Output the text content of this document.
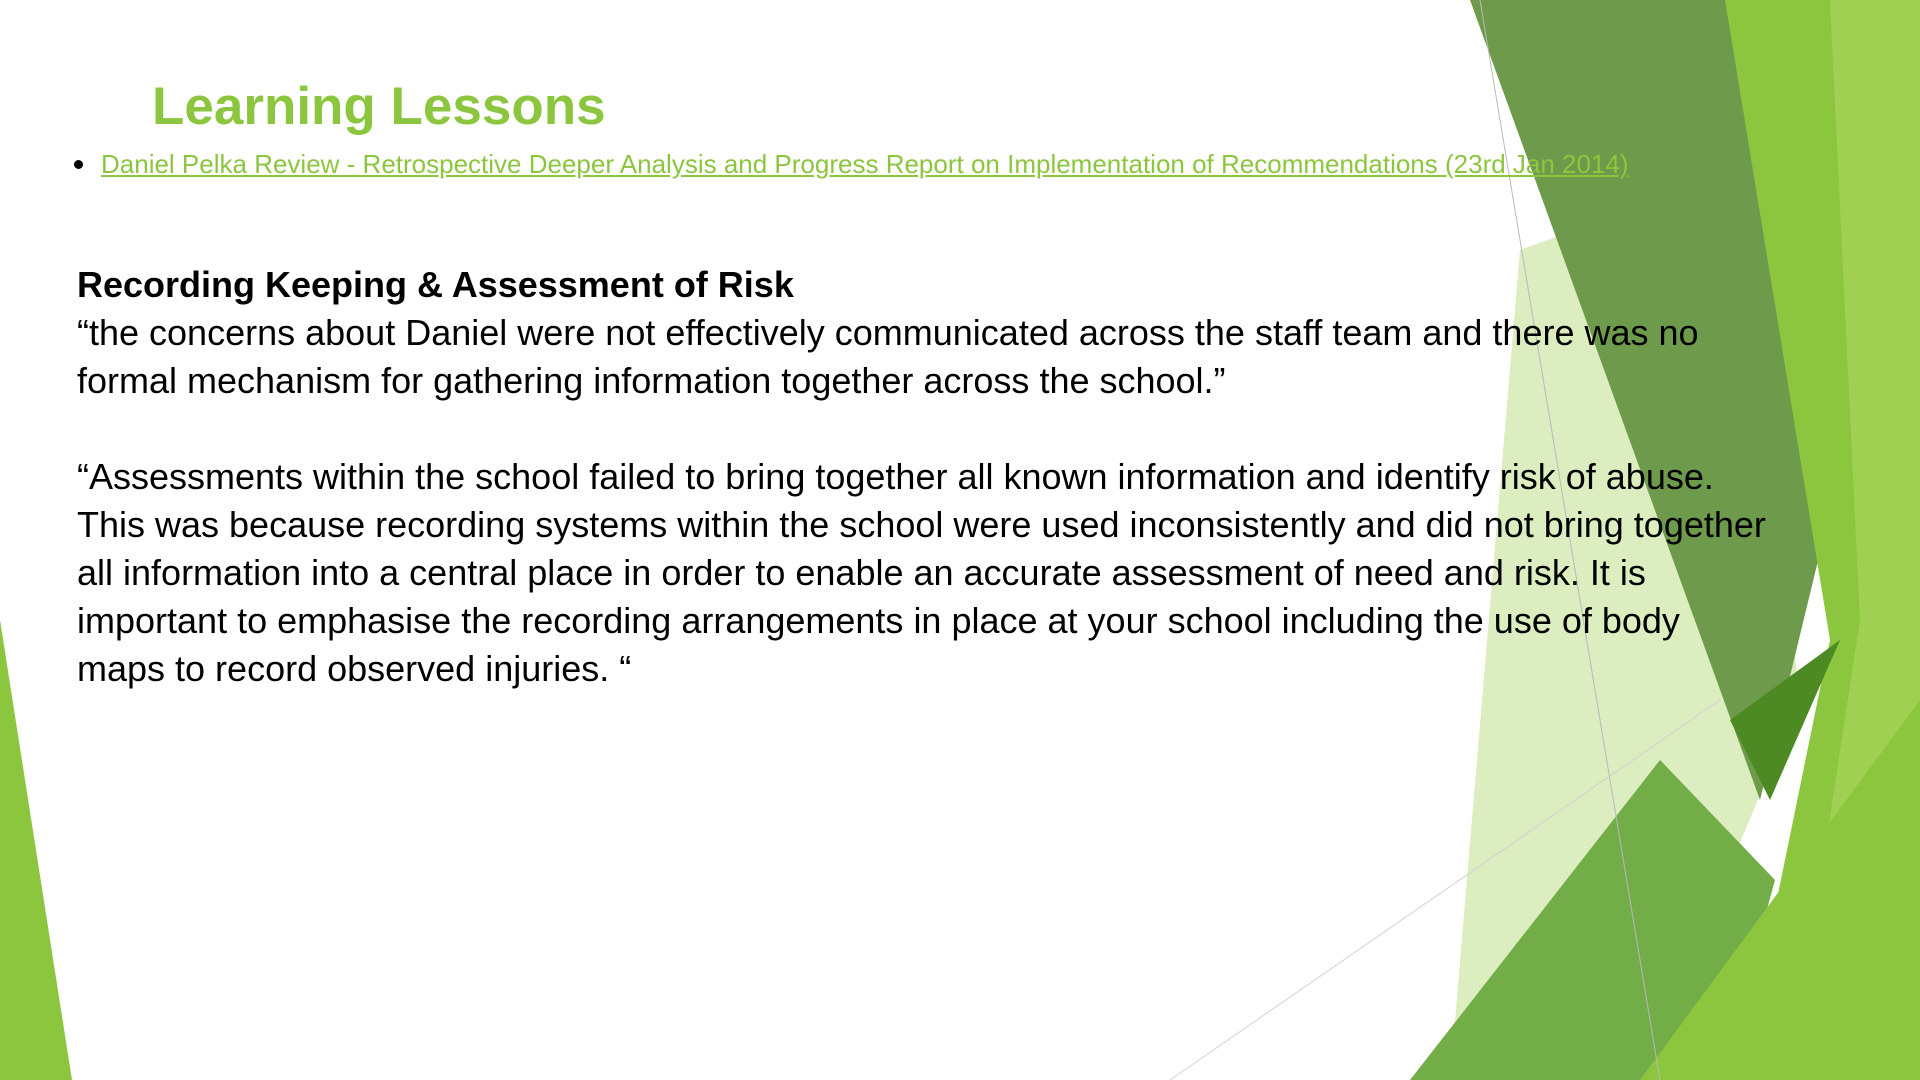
Learning Lessons
Daniel Pelka Review - Retrospective Deeper Analysis and Progress Report on Implementation of Recommendations (23rd Jan 2014)

Recording Keeping & Assessment of Risk

“the concerns about Daniel were not effectively communicated across the staff team and there was no formal mechanism for gathering information together across the school.”

“Assessments within the school failed to bring together all known information and identify risk of abuse. This was because recording systems within the school were used inconsistently and did not bring together all information into a central place in order to enable an accurate assessment of need and risk. It is important to emphasise the recording arrangements in place at your school including the use of body maps to record observed injuries. “
